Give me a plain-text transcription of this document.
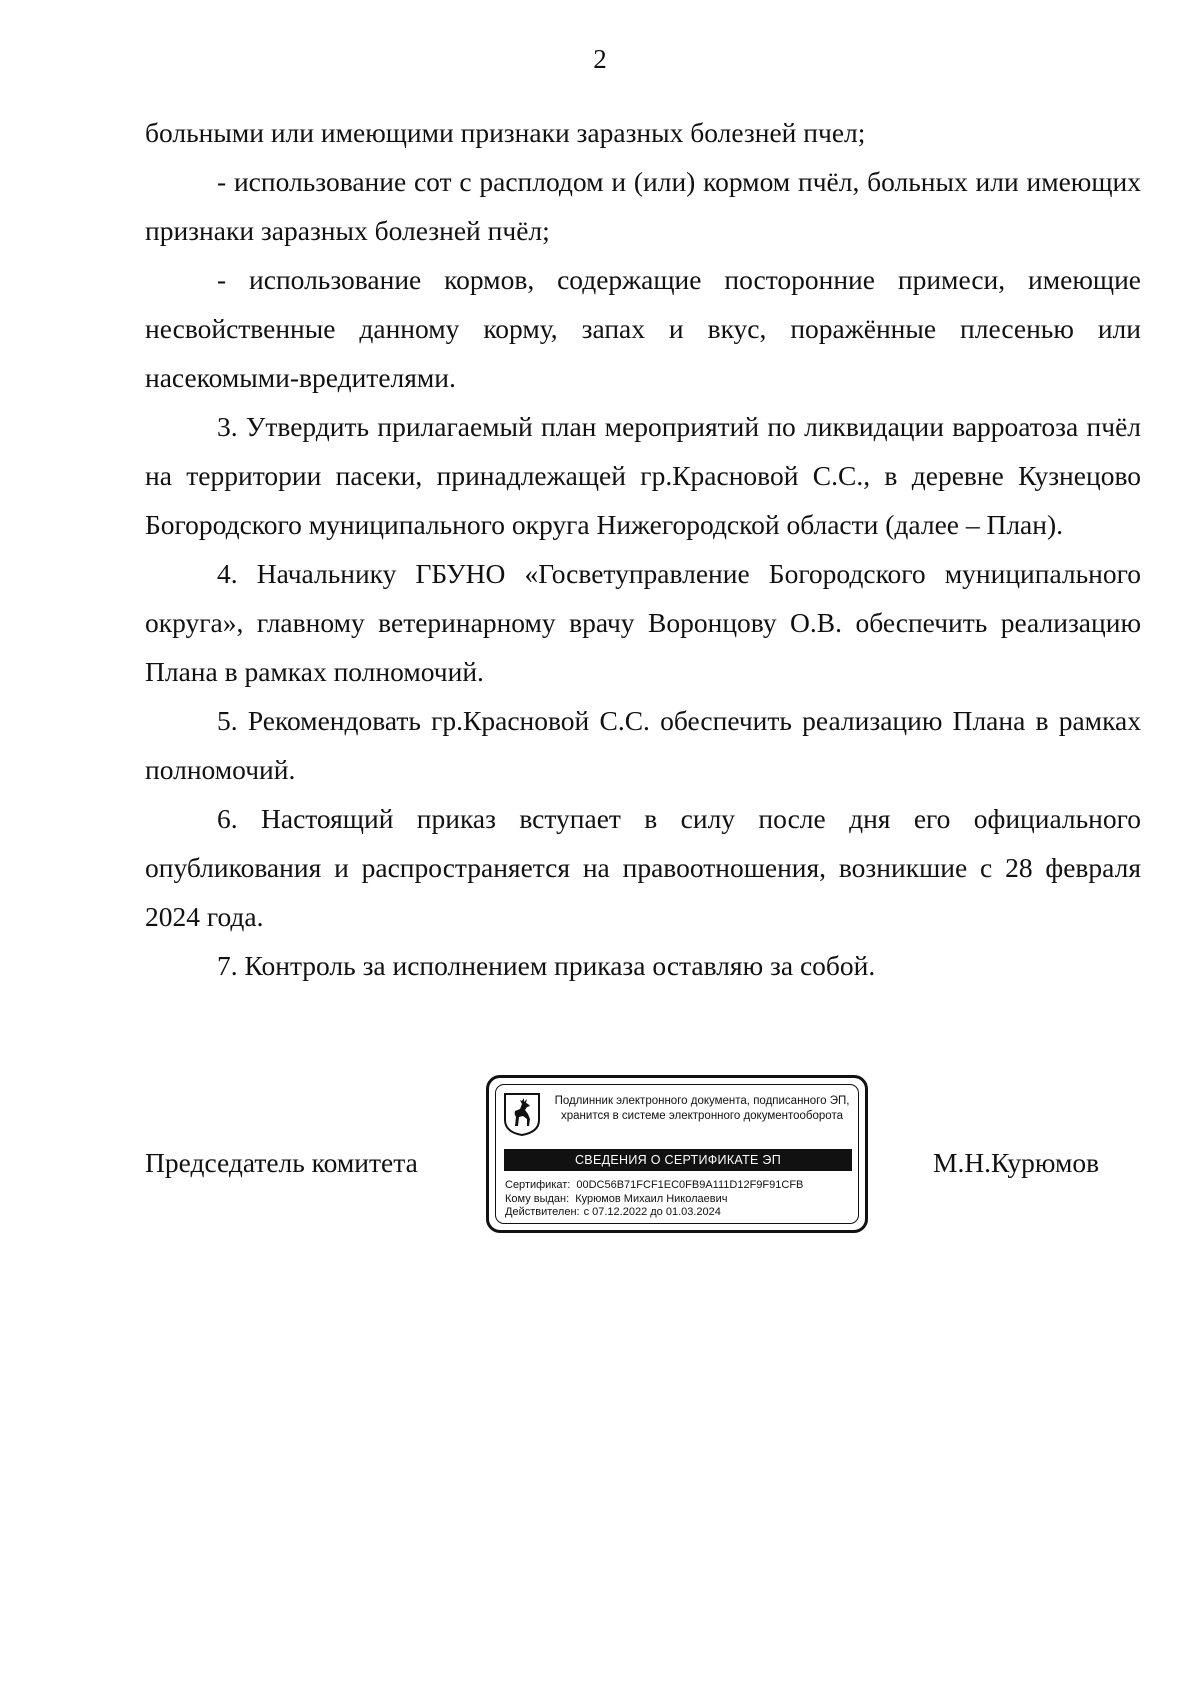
2

больными или имеющими признаки заразных болезней пчел;

- использование сот с расплодом и (или) кормом пчёл, больных или имеющих признаки заразных болезней пчёл;

- использование кормов, содержащие посторонние примеси, имеющие несвойственные данному корму, запах и вкус, поражённые плесенью или насекомыми-вредителями.

3. Утвердить прилагаемый план мероприятий по ликвидации варроатоза пчёл на территории пасеки, принадлежащей гр.Красновой С.С., в деревне Кузнецово Богородского муниципального округа Нижегородской области (далее – План).

4. Начальнику ГБУНО «Госветуправление Богородского муниципального округа», главному ветеринарному врачу Воронцову О.В. обеспечить реализацию Плана в рамках полномочий.

5. Рекомендовать гр.Красновой С.С. обеспечить реализацию Плана в рамках полномочий.

6. Настоящий приказ вступает в силу после дня его официального опубликования и распространяется на правоотношения, возникшие с 28 февраля 2024 года.

7. Контроль за исполнением приказа оставляю за собой.

Председатель комитета
Подлинник электронного документа, подписанного ЭП,
хранится в системе электронного документооборота
СВЕДЕНИЯ О СЕРТИФИКАТЕ ЭП
Сертификат: 00DC56B71FCF1EC0FB9A111D12F9F91CFB
Кому выдан: Курюмов Михаил Николаевич
Действителен: с 07.12.2022 до 01.03.2024
М.Н.Курюмов
